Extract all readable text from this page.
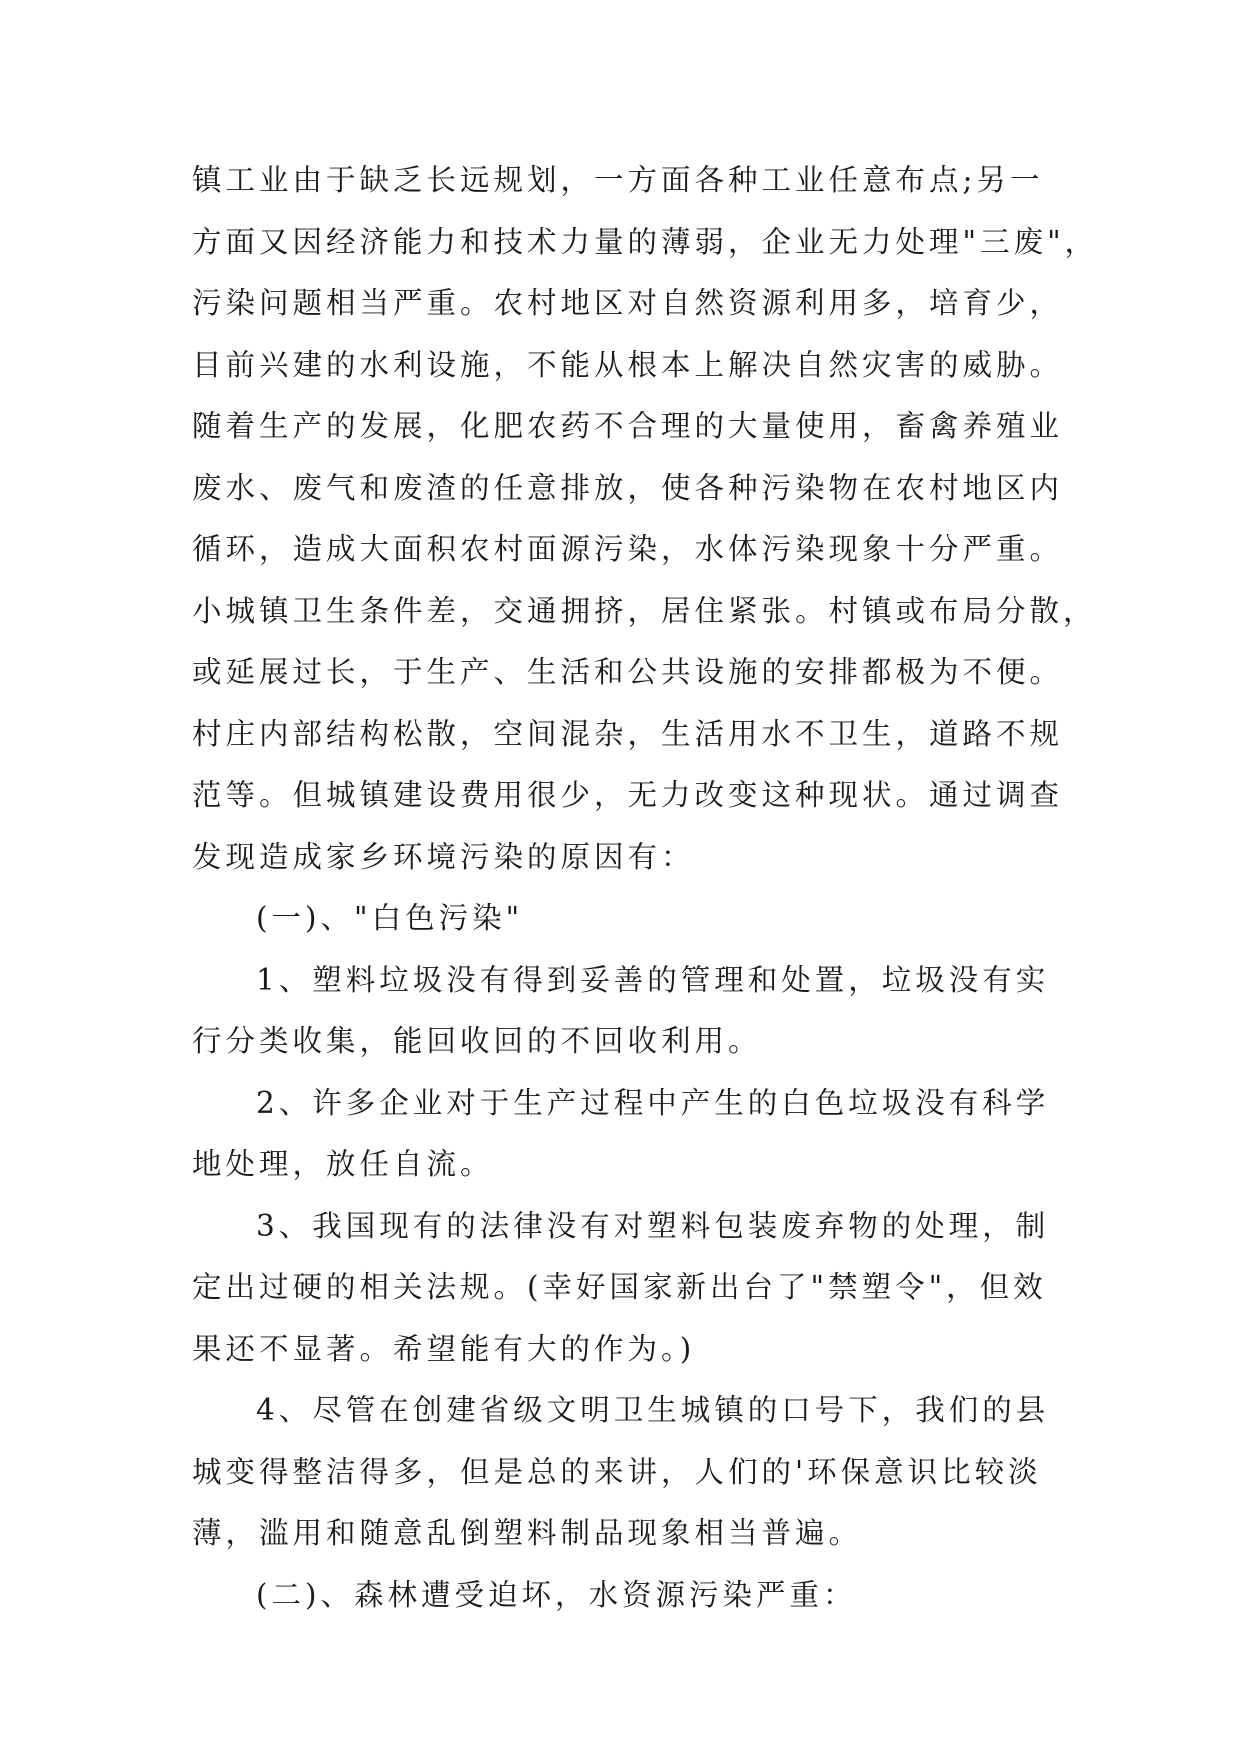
镇工业由于缺乏长远规划，一方面各种工业任意布点;另一
方面又因经济能力和技术力量的薄弱，企业无力处理"三废"，
污染问题相当严重。农村地区对自然资源利用多，培育少，
目前兴建的水利设施，不能从根本上解决自然灾害的威胁。
随着生产的发展，化肥农药不合理的大量使用，畜禽养殖业
废水、废气和废渣的任意排放，使各种污染物在农村地区内
循环，造成大面积农村面源污染，水体污染现象十分严重。
小城镇卫生条件差，交通拥挤，居住紧张。村镇或布局分散，
或延展过长，于生产、生活和公共设施的安排都极为不便。
村庄内部结构松散，空间混杂，生活用水不卫生，道路不规
范等。但城镇建设费用很少，无力改变这种现状。通过调查
发现造成家乡环境污染的原因有：
(一)、"白色污染"
1、塑料垃圾没有得到妥善的管理和处置，垃圾没有实
行分类收集，能回收回的不回收利用。
2、许多企业对于生产过程中产生的白色垃圾没有科学
地处理，放任自流。
3、我国现有的法律没有对塑料包装废弃物的处理，制
定出过硬的相关法规。(幸好国家新出台了"禁塑令"，但效
果还不显著。希望能有大的作为。)
4、尽管在创建省级文明卫生城镇的口号下，我们的县
城变得整洁得多，但是总的来讲，人们的'环保意识比较淡
薄，滥用和随意乱倒塑料制品现象相当普遍。
(二)、森林遭受迫坏，水资源污染严重：
